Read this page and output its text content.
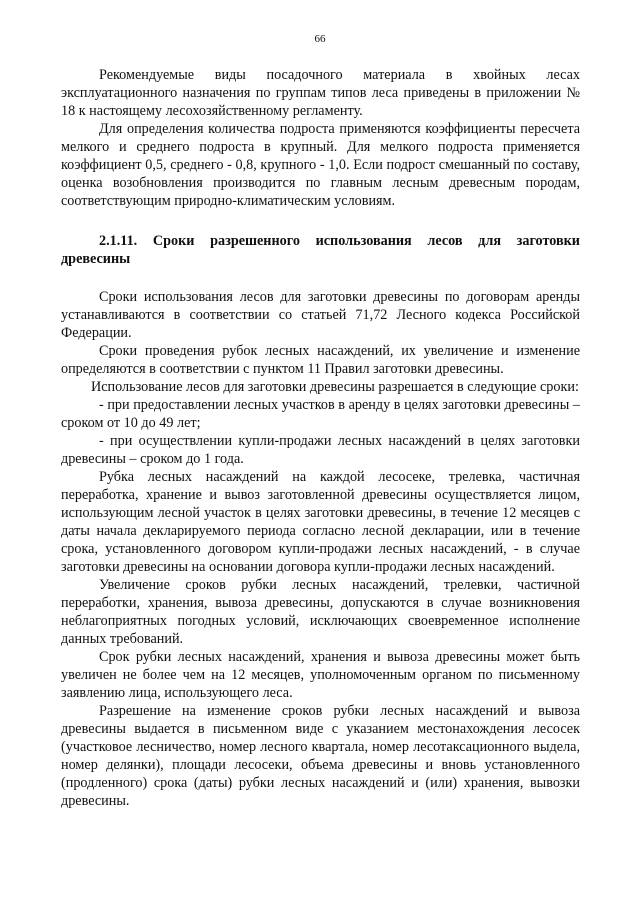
66

Рекомендуемые виды посадочного материала в хвойных лесах эксплуатационного назначения по группам типов леса приведены в приложении № 18 к настоящему лесохозяйственному регламенту.

Для определения количества подроста применяются коэффициенты пересчета мелкого и среднего подроста в крупный. Для мелкого подроста применяется коэффициент 0,5, среднего - 0,8, крупного - 1,0. Если подрост смешанный по составу, оценка возобновления производится по главным лесным древесным породам, соответствующим природно-климатическим условиям.

2.1.11. Сроки разрешенного использования лесов для заготовки древесины

Сроки использования лесов для заготовки древесины по договорам аренды устанавливаются в соответствии со статьей 71,72 Лесного кодекса Российской Федерации.

Сроки проведения рубок лесных насаждений, их увеличение и изменение определяются в соответствии с пунктом 11 Правил заготовки древесины.

Использование лесов для заготовки древесины разрешается в следующие сроки:

- при предоставлении лесных участков в аренду в целях заготовки древесины – сроком от 10 до 49 лет;

- при осуществлении купли-продажи лесных насаждений в целях заготовки древесины – сроком до 1 года.

Рубка лесных насаждений на каждой лесосеке, трелевка, частичная переработка, хранение и вывоз заготовленной древесины осуществляется лицом, использующим лесной участок в целях заготовки древесины, в течение 12 месяцев с даты начала декларируемого периода согласно лесной декларации, или в течение срока, установленного договором купли-продажи лесных насаждений, - в случае заготовки древесины на основании договора купли-продажи лесных насаждений.

Увеличение сроков рубки лесных насаждений, трелевки, частичной переработки, хранения, вывоза древесины, допускаются в случае возникновения неблагоприятных погодных условий, исключающих своевременное исполнение данных требований.

Срок рубки лесных насаждений, хранения и вывоза древесины может быть увеличен не более чем на 12 месяцев, уполномоченным органом по письменному заявлению лица, использующего леса.

Разрешение на изменение сроков рубки лесных насаждений и вывоза древесины выдается в письменном виде с указанием местонахождения лесосек (участковое лесничество, номер лесного квартала, номер лесотаксационного выдела, номер делянки), площади лесосеки, объема древесины и вновь установленного (продленного) срока (даты) рубки лесных насаждений и (или) хранения, вывозки древесины.
